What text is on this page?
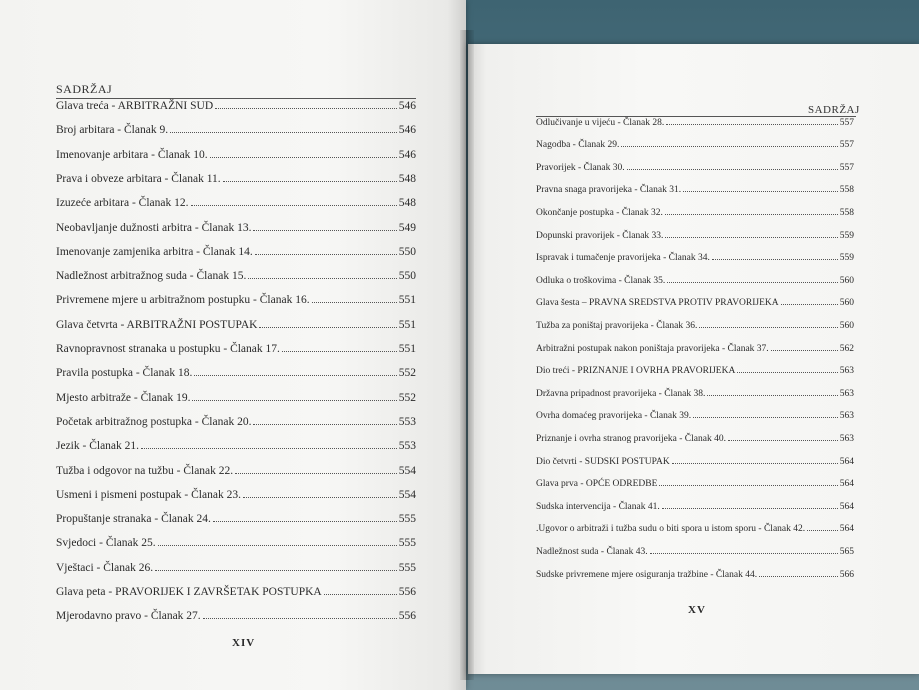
SADRŽAJ
Glava treća - ARBITRAŽNI SUD	546
Broj arbitara - Članak 9.	546
Imenovanje arbitara - Članak 10.	546
Prava i obveze arbitara - Članak 11.	548
Izuzeće arbitara - Članak 12.	548
Neobavljanje dužnosti arbitra - Članak 13.	549
Imenovanje zamjenika arbitra - Članak 14.	550
Nadležnost arbitražnog suda - Članak 15.	550
Privremene mjere u arbitražnom postupku - Članak 16.	551
Glava četvrta - ARBITRAŽNI POSTUPAK	551
Ravnopravnost stranaka u postupku - Članak 17.	551
Pravila postupka - Članak 18.	552
Mjesto arbitraže - Članak 19.	552
Početak arbitražnog postupka - Članak 20.	553
Jezik - Članak 21.	553
Tužba i odgovor na tužbu - Članak 22.	554
Usmeni i pismeni postupak - Članak 23.	554
Propuštanje stranaka - Članak 24.	555
Svjedoci - Članak 25.	555
Vještaci - Članak 26.	555
Glava peta - PRAVORIJEK I ZAVRŠETAK POSTUPKA	556
Mjerodavno pravo - Članak 27.	556
XIV
SADRŽAJ
Odlučivanje u vijeću - Članak 28.	557
Nagodba - Članak 29.	557
Pravorijek - Članak 30.	557
Pravna snaga pravorijeka - Članak 31.	558
Okončanje postupka - Članak 32.	558
Dopunski pravorijek - Članak 33.	559
Ispravak i tumačenje pravorijeka - Članak 34.	559
Odluka o troškovima - Članak 35.	560
Glava šesta – PRAVNA SREDSTVA PROTIV PRAVORIJEKA	560
Tužba za poništaj pravorijeka - Članak 36.	560
Arbitražni postupak nakon poništaja pravorijeka - Članak 37.	562
Dio treći - PRIZNANJE I OVRHA PRAVORIJEKA	563
Državna pripadnost pravorijeka - Članak 38.	563
Ovrha domaćeg pravorijeka - Članak 39.	563
Priznanje i ovrha stranog pravorijeka - Članak 40.	563
Dio četvrti - SUDSKI POSTUPAK	564
Glava prva - OPĆE ODREDBE	564
Sudska intervencija - Članak 41.	564
.Ugovor o arbitraži i tužba sudu o biti spora u istom sporu - Članak 42.	564
Nadležnost suda - Članak 43.	565
Sudske privremene mjere osiguranja tražbine - Članak 44.	566
XV
